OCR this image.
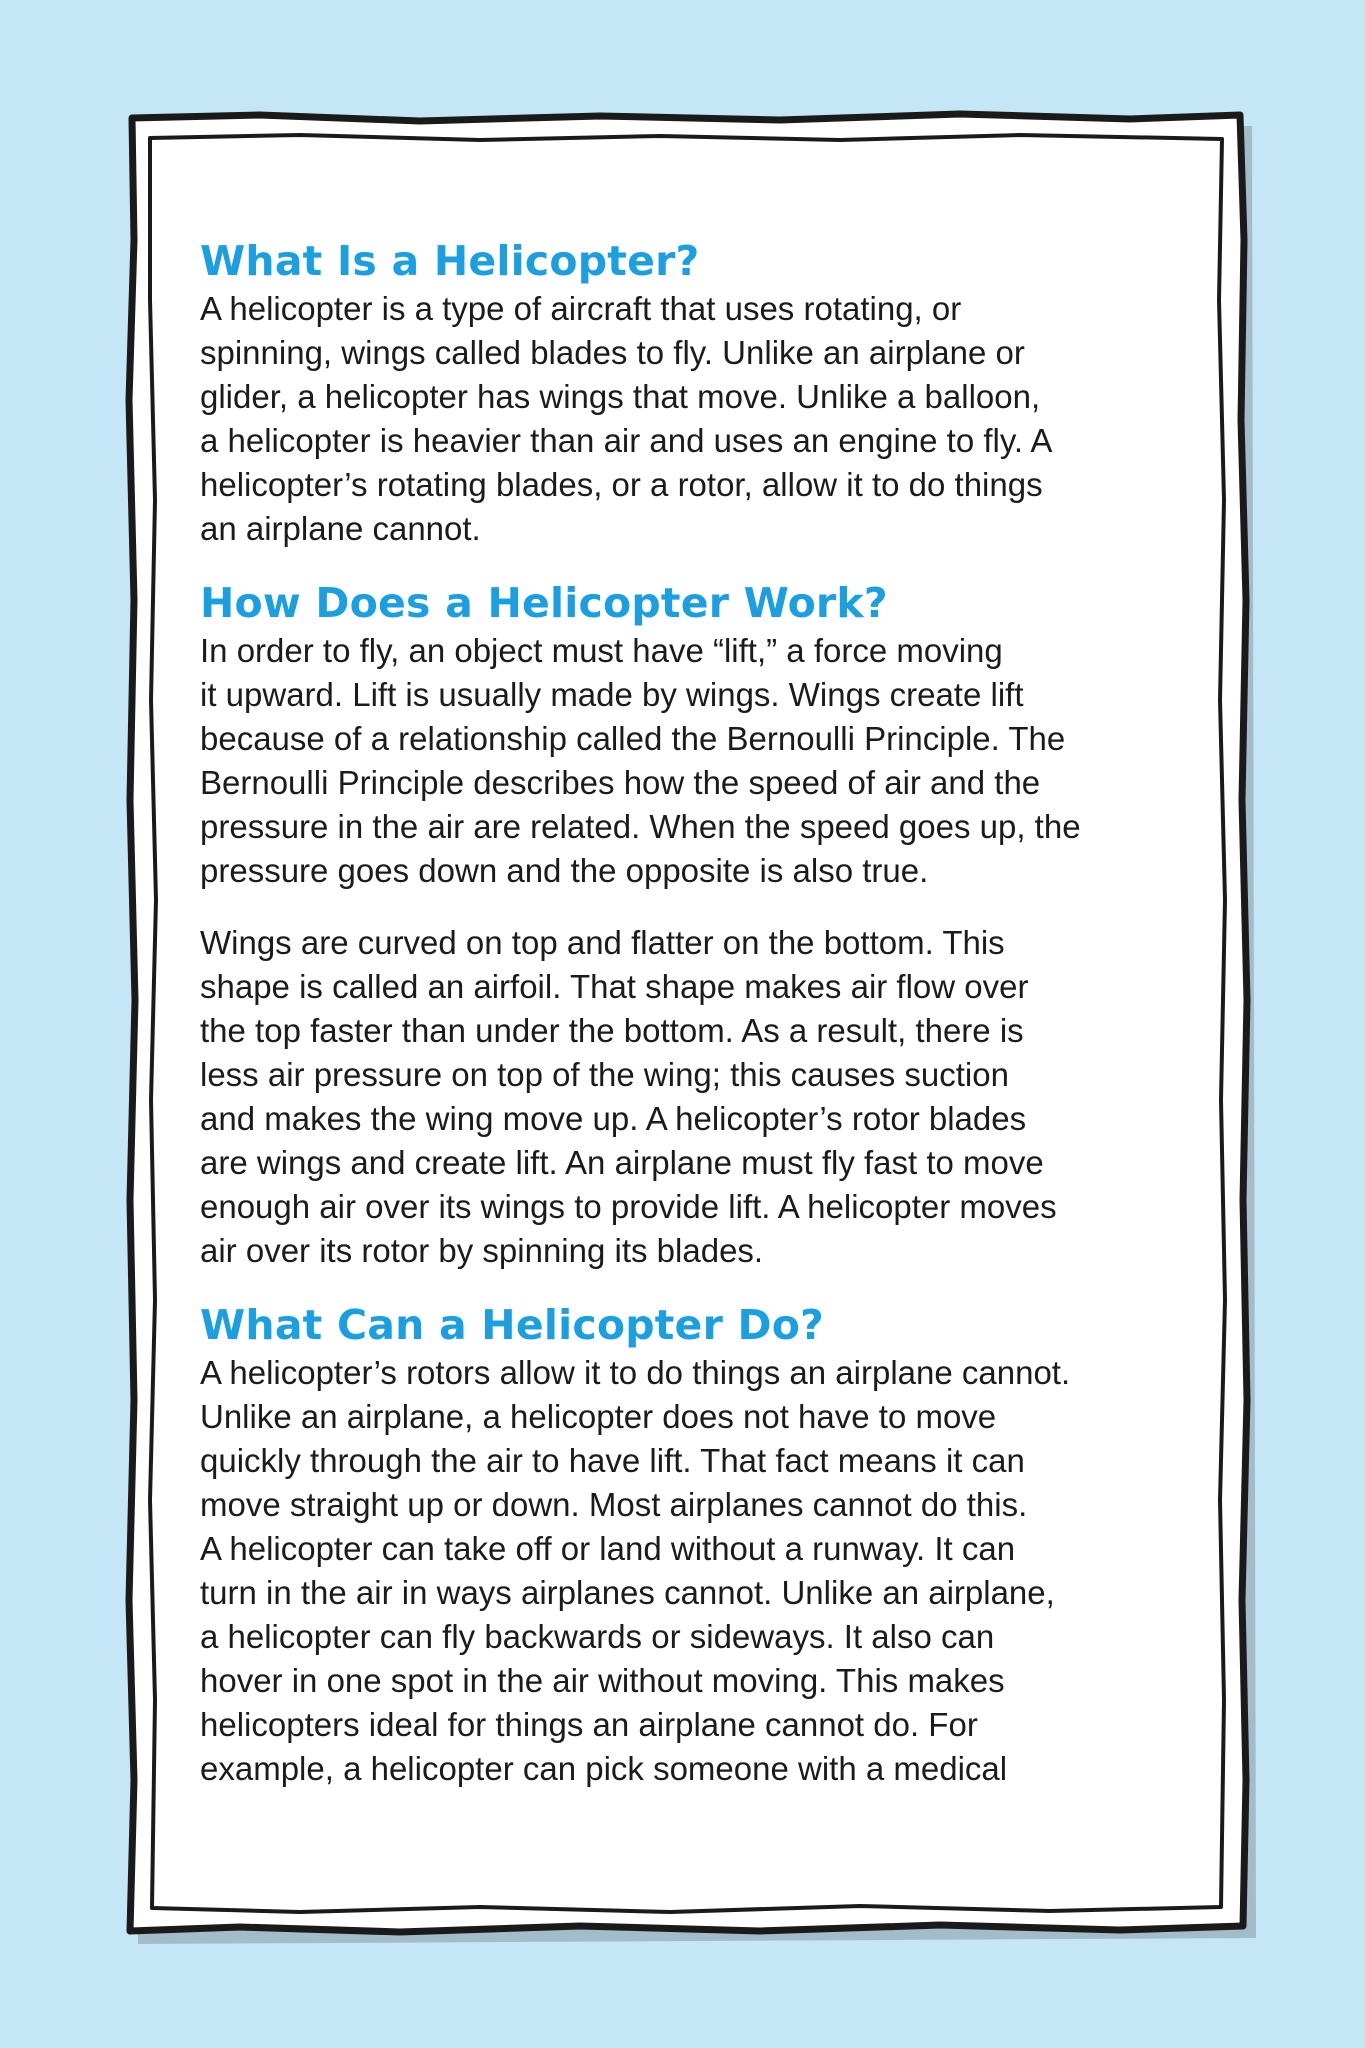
What Is a Helicopter?

A helicopter is a type of aircraft that uses rotating, or
spinning, wings called blades to fly. Unlike an airplane or
glider, a helicopter has wings that move. Unlike a balloon,
a helicopter is heavier than air and uses an engine to fly. A
helicopter’s rotating blades, or a rotor, allow it to do things
an airplane cannot.

How Does a Helicopter Work?

In order to fly, an object must have “lift,” a force moving
it upward. Lift is usually made by wings. Wings create lift
because of a relationship called the Bernoulli Principle. The
Bernoulli Principle describes how the speed of air and the
pressure in the air are related. When the speed goes up, the
pressure goes down and the opposite is also true.

Wings are curved on top and flatter on the bottom. This
shape is called an airfoil. That shape makes air flow over
the top faster than under the bottom. As a result, there is
less air pressure on top of the wing; this causes suction
and makes the wing move up. A helicopter’s rotor blades
are wings and create lift. An airplane must fly fast to move
enough air over its wings to provide lift. A helicopter moves
air over its rotor by spinning its blades.

What Can a Helicopter Do?

A helicopter’s rotors allow it to do things an airplane cannot.
Unlike an airplane, a helicopter does not have to move
quickly through the air to have lift. That fact means it can
move straight up or down. Most airplanes cannot do this.
A helicopter can take off or land without a runway. It can
turn in the air in ways airplanes cannot. Unlike an airplane,
a helicopter can fly backwards or sideways. It also can
hover in one spot in the air without moving. This makes
helicopters ideal for things an airplane cannot do. For
example, a helicopter can pick someone with a medical
